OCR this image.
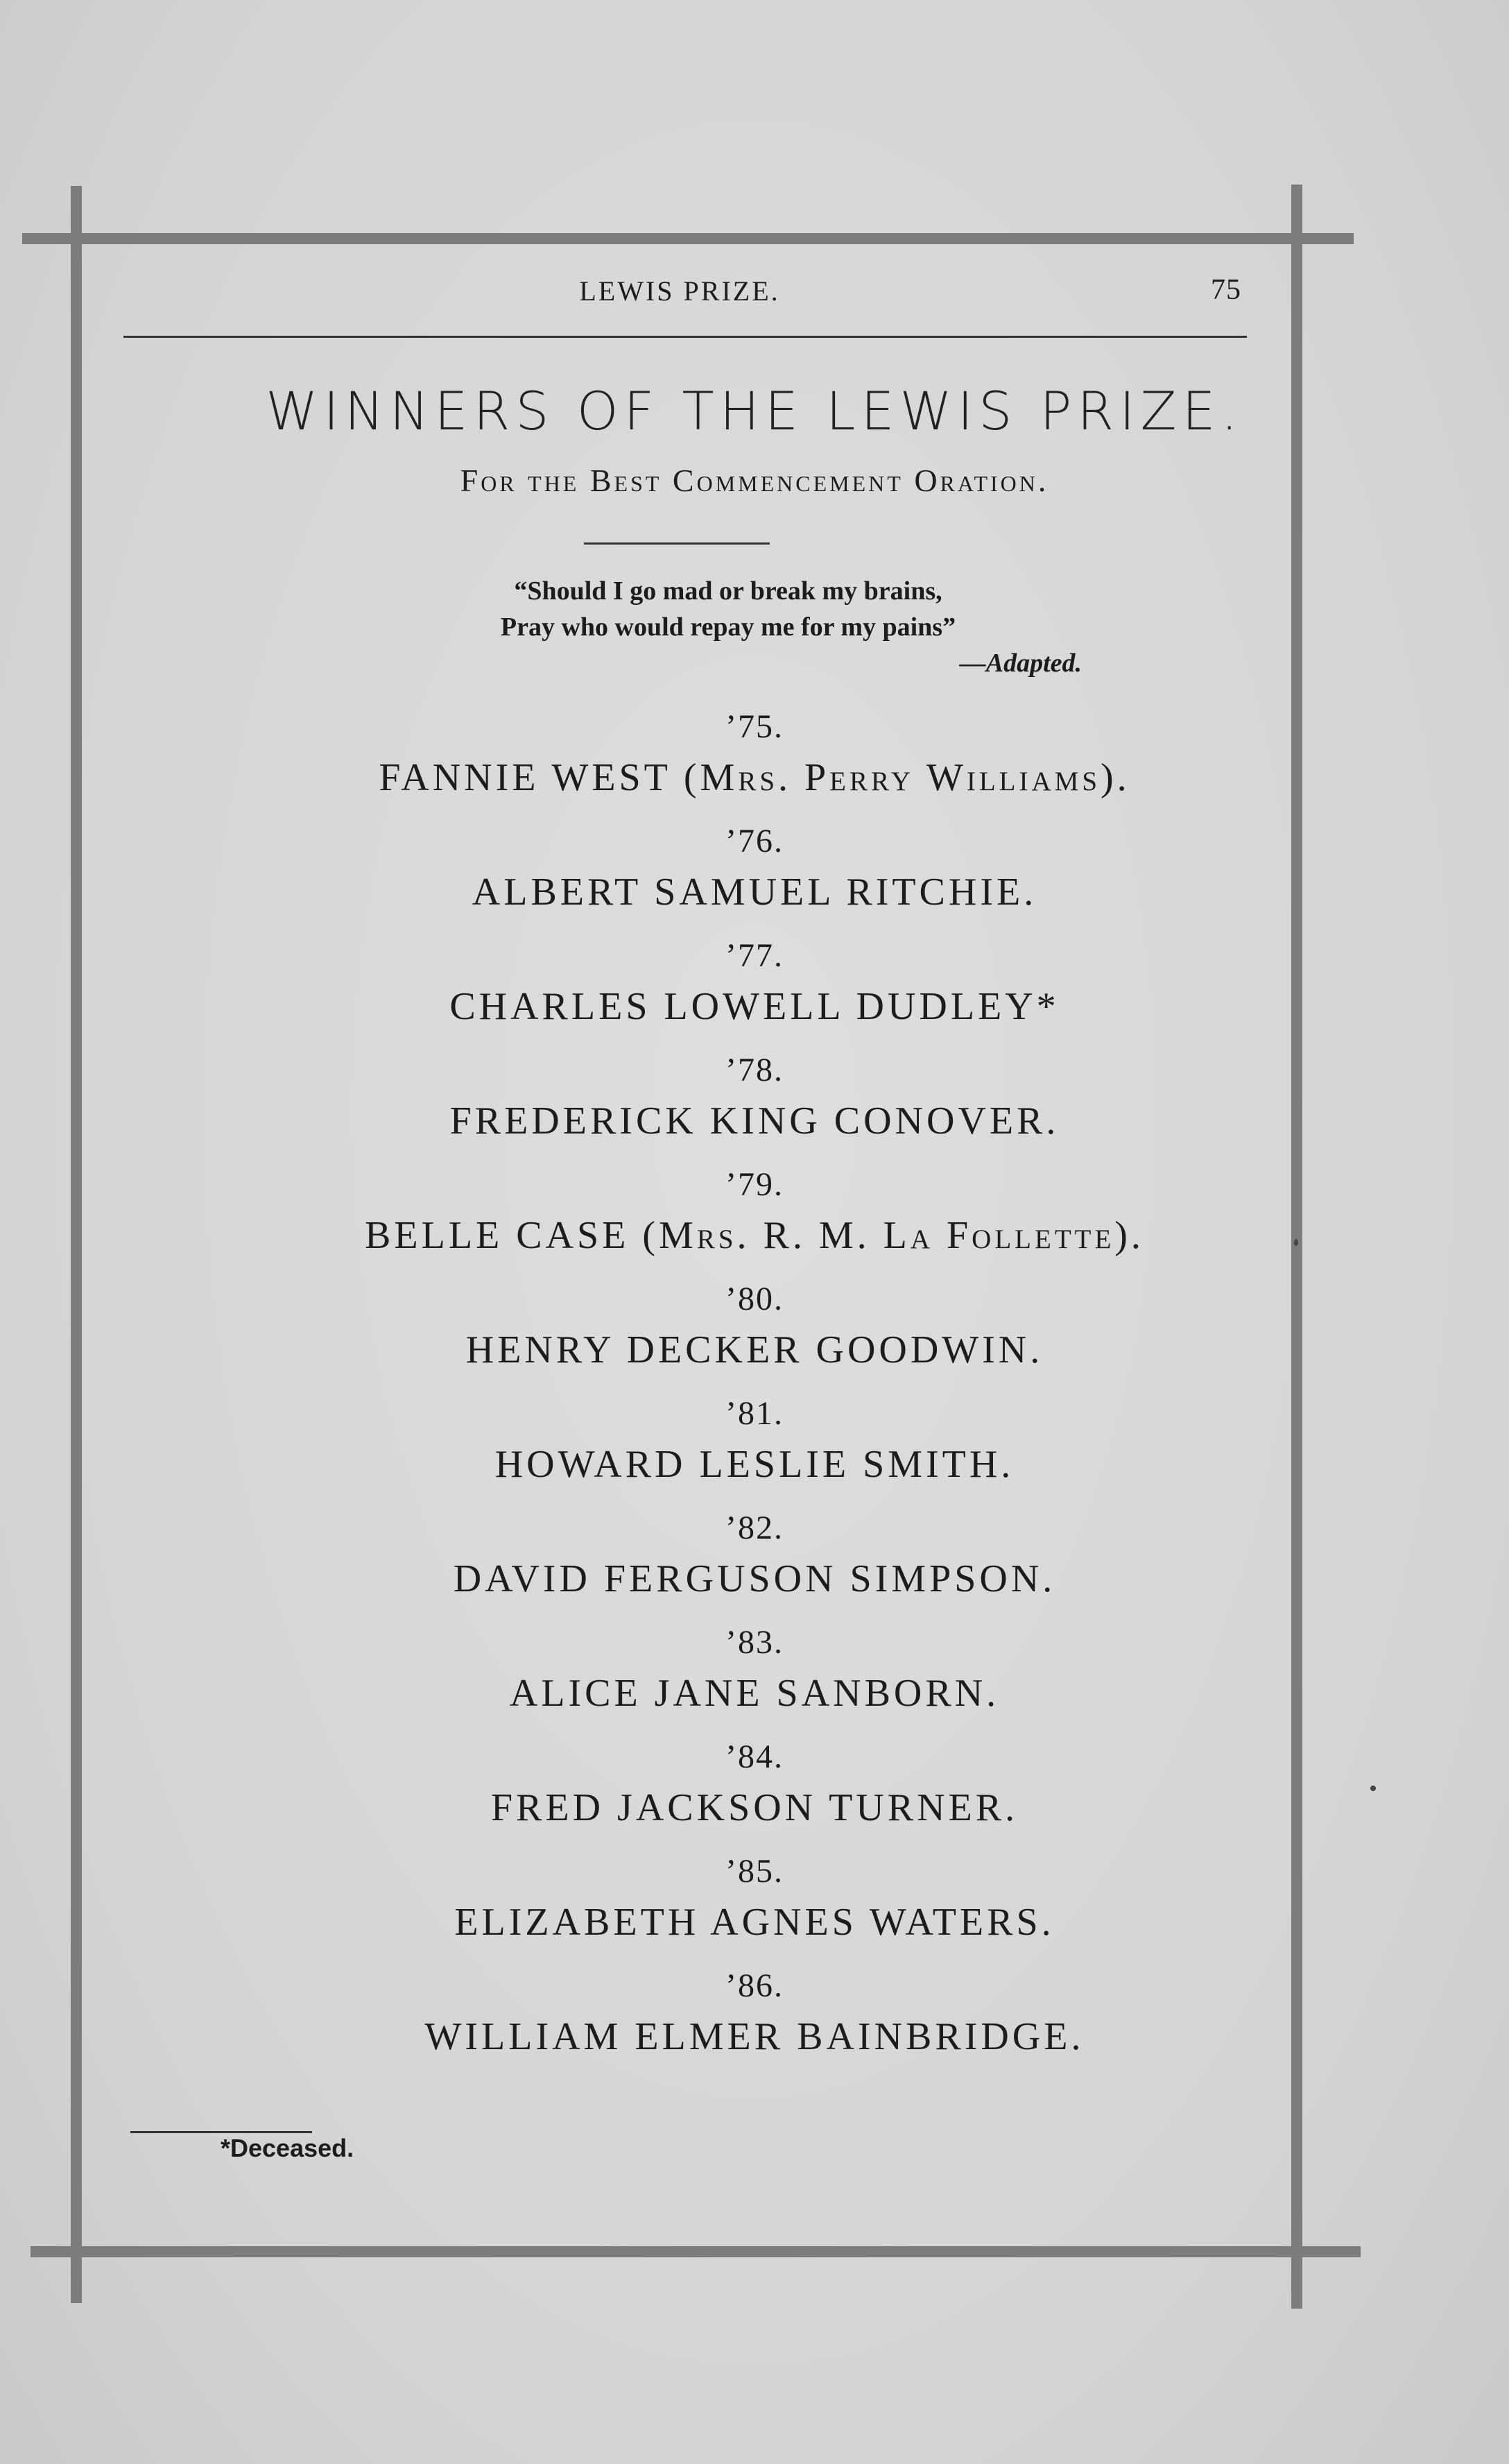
LEWIS PRIZE.	75
WINNERS OF THE LEWIS PRIZE.
For the Best Commencement Oration.
“Should I go mad or break my brains,
Pray who would repay me for my pains”
—Adapted.
’75.
FANNIE WEST (Mrs. Perry Williams).
’76.
ALBERT SAMUEL RITCHIE.
’77.
CHARLES LOWELL DUDLEY*
’78.
FREDERICK KING CONOVER.
’79.
BELLE CASE (Mrs. R. M. La Follette).
’80.
HENRY DECKER GOODWIN.
’81.
HOWARD LESLIE SMITH.
’82.
DAVID FERGUSON SIMPSON.
’83.
ALICE JANE SANBORN.
’84.
FRED JACKSON TURNER.
’85.
ELIZABETH AGNES WATERS.
’86.
WILLIAM ELMER BAINBRIDGE.
*Deceased.
